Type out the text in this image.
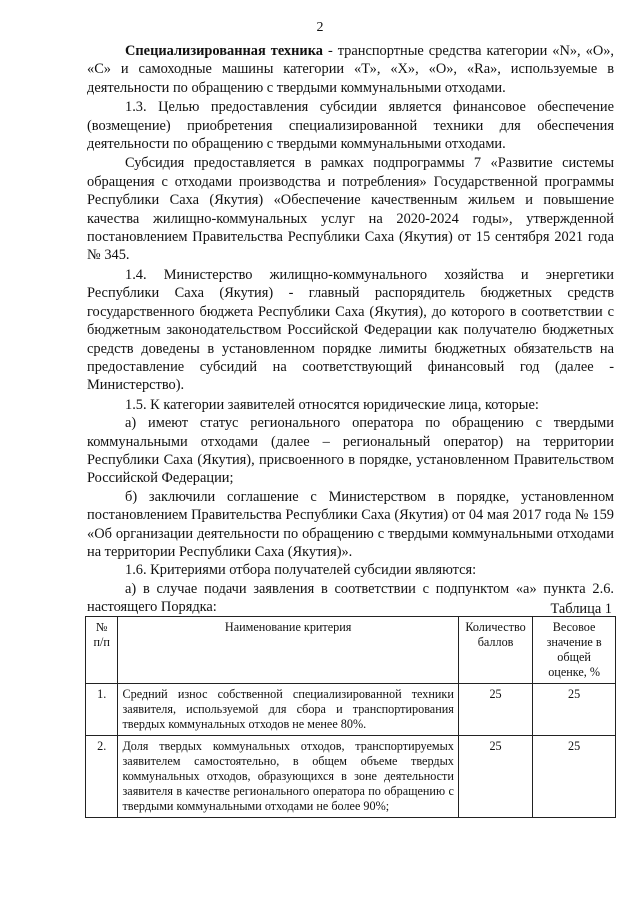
2

Специализированная техника - транспортные средства категории «N», «О», «С» и самоходные машины категории «Т», «Х», «О», «Ra», используемые в деятельности по обращению с твердыми коммунальными отходами.

1.3. Целью предоставления субсидии является финансовое обеспечение (возмещение) приобретения специализированной техники для обеспечения деятельности по обращению с твердыми коммунальными отходами.

Субсидия предоставляется в рамках подпрограммы 7 «Развитие системы обращения с отходами производства и потребления» Государственной программы Республики Саха (Якутия) «Обеспечение качественным жильем и повышение качества жилищно-коммунальных услуг на 2020-2024 годы», утвержденной постановлением Правительства Республики Саха (Якутия) от 15 сентября 2021 года № 345.

1.4. Министерство жилищно-коммунального хозяйства и энергетики Республики Саха (Якутия) - главный распорядитель бюджетных средств государственного бюджета Республики Саха (Якутия), до которого в соответствии с бюджетным законодательством Российской Федерации как получателю бюджетных средств доведены в установленном порядке лимиты бюджетных обязательств на предоставление субсидий на соответствующий финансовый год (далее - Министерство).

1.5. К категории заявителей относятся юридические лица, которые:

а) имеют статус регионального оператора по обращению с твердыми коммунальными отходами (далее – региональный оператор) на территории Республики Саха (Якутия), присвоенного в порядке, установленном Правительством Российской Федерации;

б) заключили соглашение с Министерством в порядке, установленном постановлением Правительства Республики Саха (Якутия) от 04 мая 2017 года № 159 «Об организации деятельности по обращению с твердыми коммунальными отходами на территории Республики Саха (Якутия)».

1.6. Критериями отбора получателей субсидии являются:

а) в случае подачи заявления в соответствии с подпунктом «а» пункта 2.6. настоящего Порядка:	Таблица 1
№ п/п	Наименование критерия	Количество баллов	Весовое значение в общей оценке, %
1.	Средний износ собственной специализированной техники заявителя, используемой для сбора и транспортирования твердых коммунальных отходов не менее 80%.	25	25
2.	Доля твердых коммунальных отходов, транспортируемых заявителем самостоятельно, в общем объеме твердых коммунальных отходов, образующихся в зоне деятельности заявителя в качестве регионального оператора по обращению с твердыми коммунальными отходами не более 90%;	25	25
